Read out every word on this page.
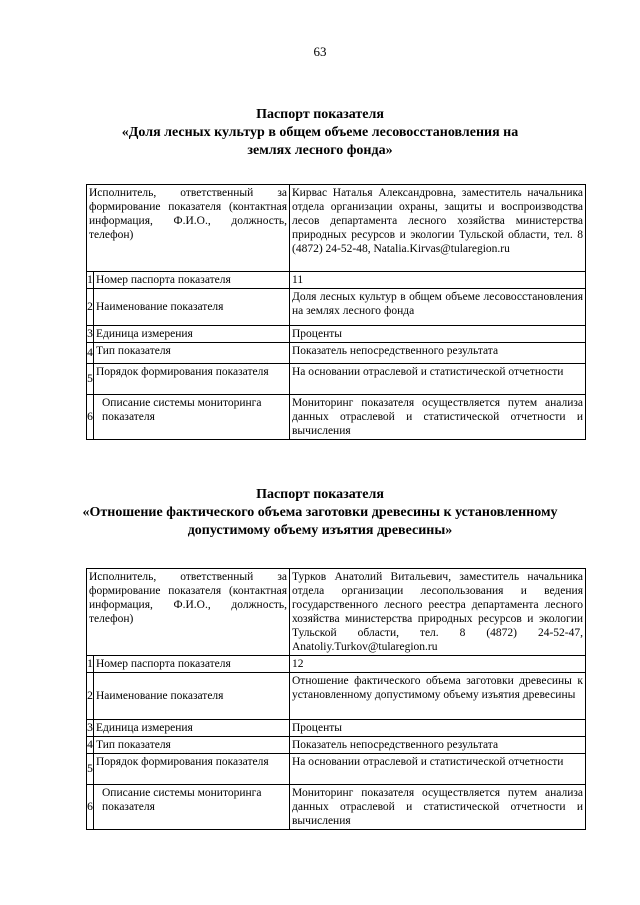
63
Паспорт показателя
«Доля лесных культур в общем объеме лесовосстановления на землях лесного фонда»
Исполнитель, ответственный за формирование показателя (контактная информация, Ф.И.О., должность, телефон)		Кирвас Наталья Александровна, заместитель начальника отдела организации охраны, защиты и воспроизводства лесов департамента лесного хозяйства министерства природных ресурсов и экологии Тульской области, тел. 8 (4872) 24-52-48, Natalia.Kirvas@tularegion.ru
1	Номер паспорта показателя	11
2	Наименование показателя	Доля лесных культур в общем объеме лесовосстановления на землях лесного фонда
3	Единица измерения	Проценты
4	Тип показателя	Показатель непосредственного результата
5	Порядок формирования показателя	На основании отраслевой и статистической отчетности
6	Описание системы мониторинга показателя	Мониторинг показателя осуществляется путем анализа данных отраслевой и статистической отчетности и вычисления
Паспорт показателя
«Отношение фактического объема заготовки древесины к установленному допустимому объему изъятия древесины»
Исполнитель, ответственный за формирование показателя (контактная информация, Ф.И.О., должность, телефон)		Турков Анатолий Витальевич, заместитель начальника отдела организации лесопользования и ведения государственного лесного реестра департамента лесного хозяйства министерства природных ресурсов и экологии Тульской области, тел. 8 (4872) 24-52-47, Anatoliy.Turkov@tularegion.ru
1	Номер паспорта показателя	12
2	Наименование показателя	Отношение фактического объема заготовки древесины к установленному допустимому объему изъятия древесины
3	Единица измерения	Проценты
4	Тип показателя	Показатель непосредственного результата
5	Порядок формирования показателя	На основании отраслевой и статистической отчетности
6	Описание системы мониторинга показателя	Мониторинг показателя осуществляется путем анализа данных отраслевой и статистической отчетности и вычисления
